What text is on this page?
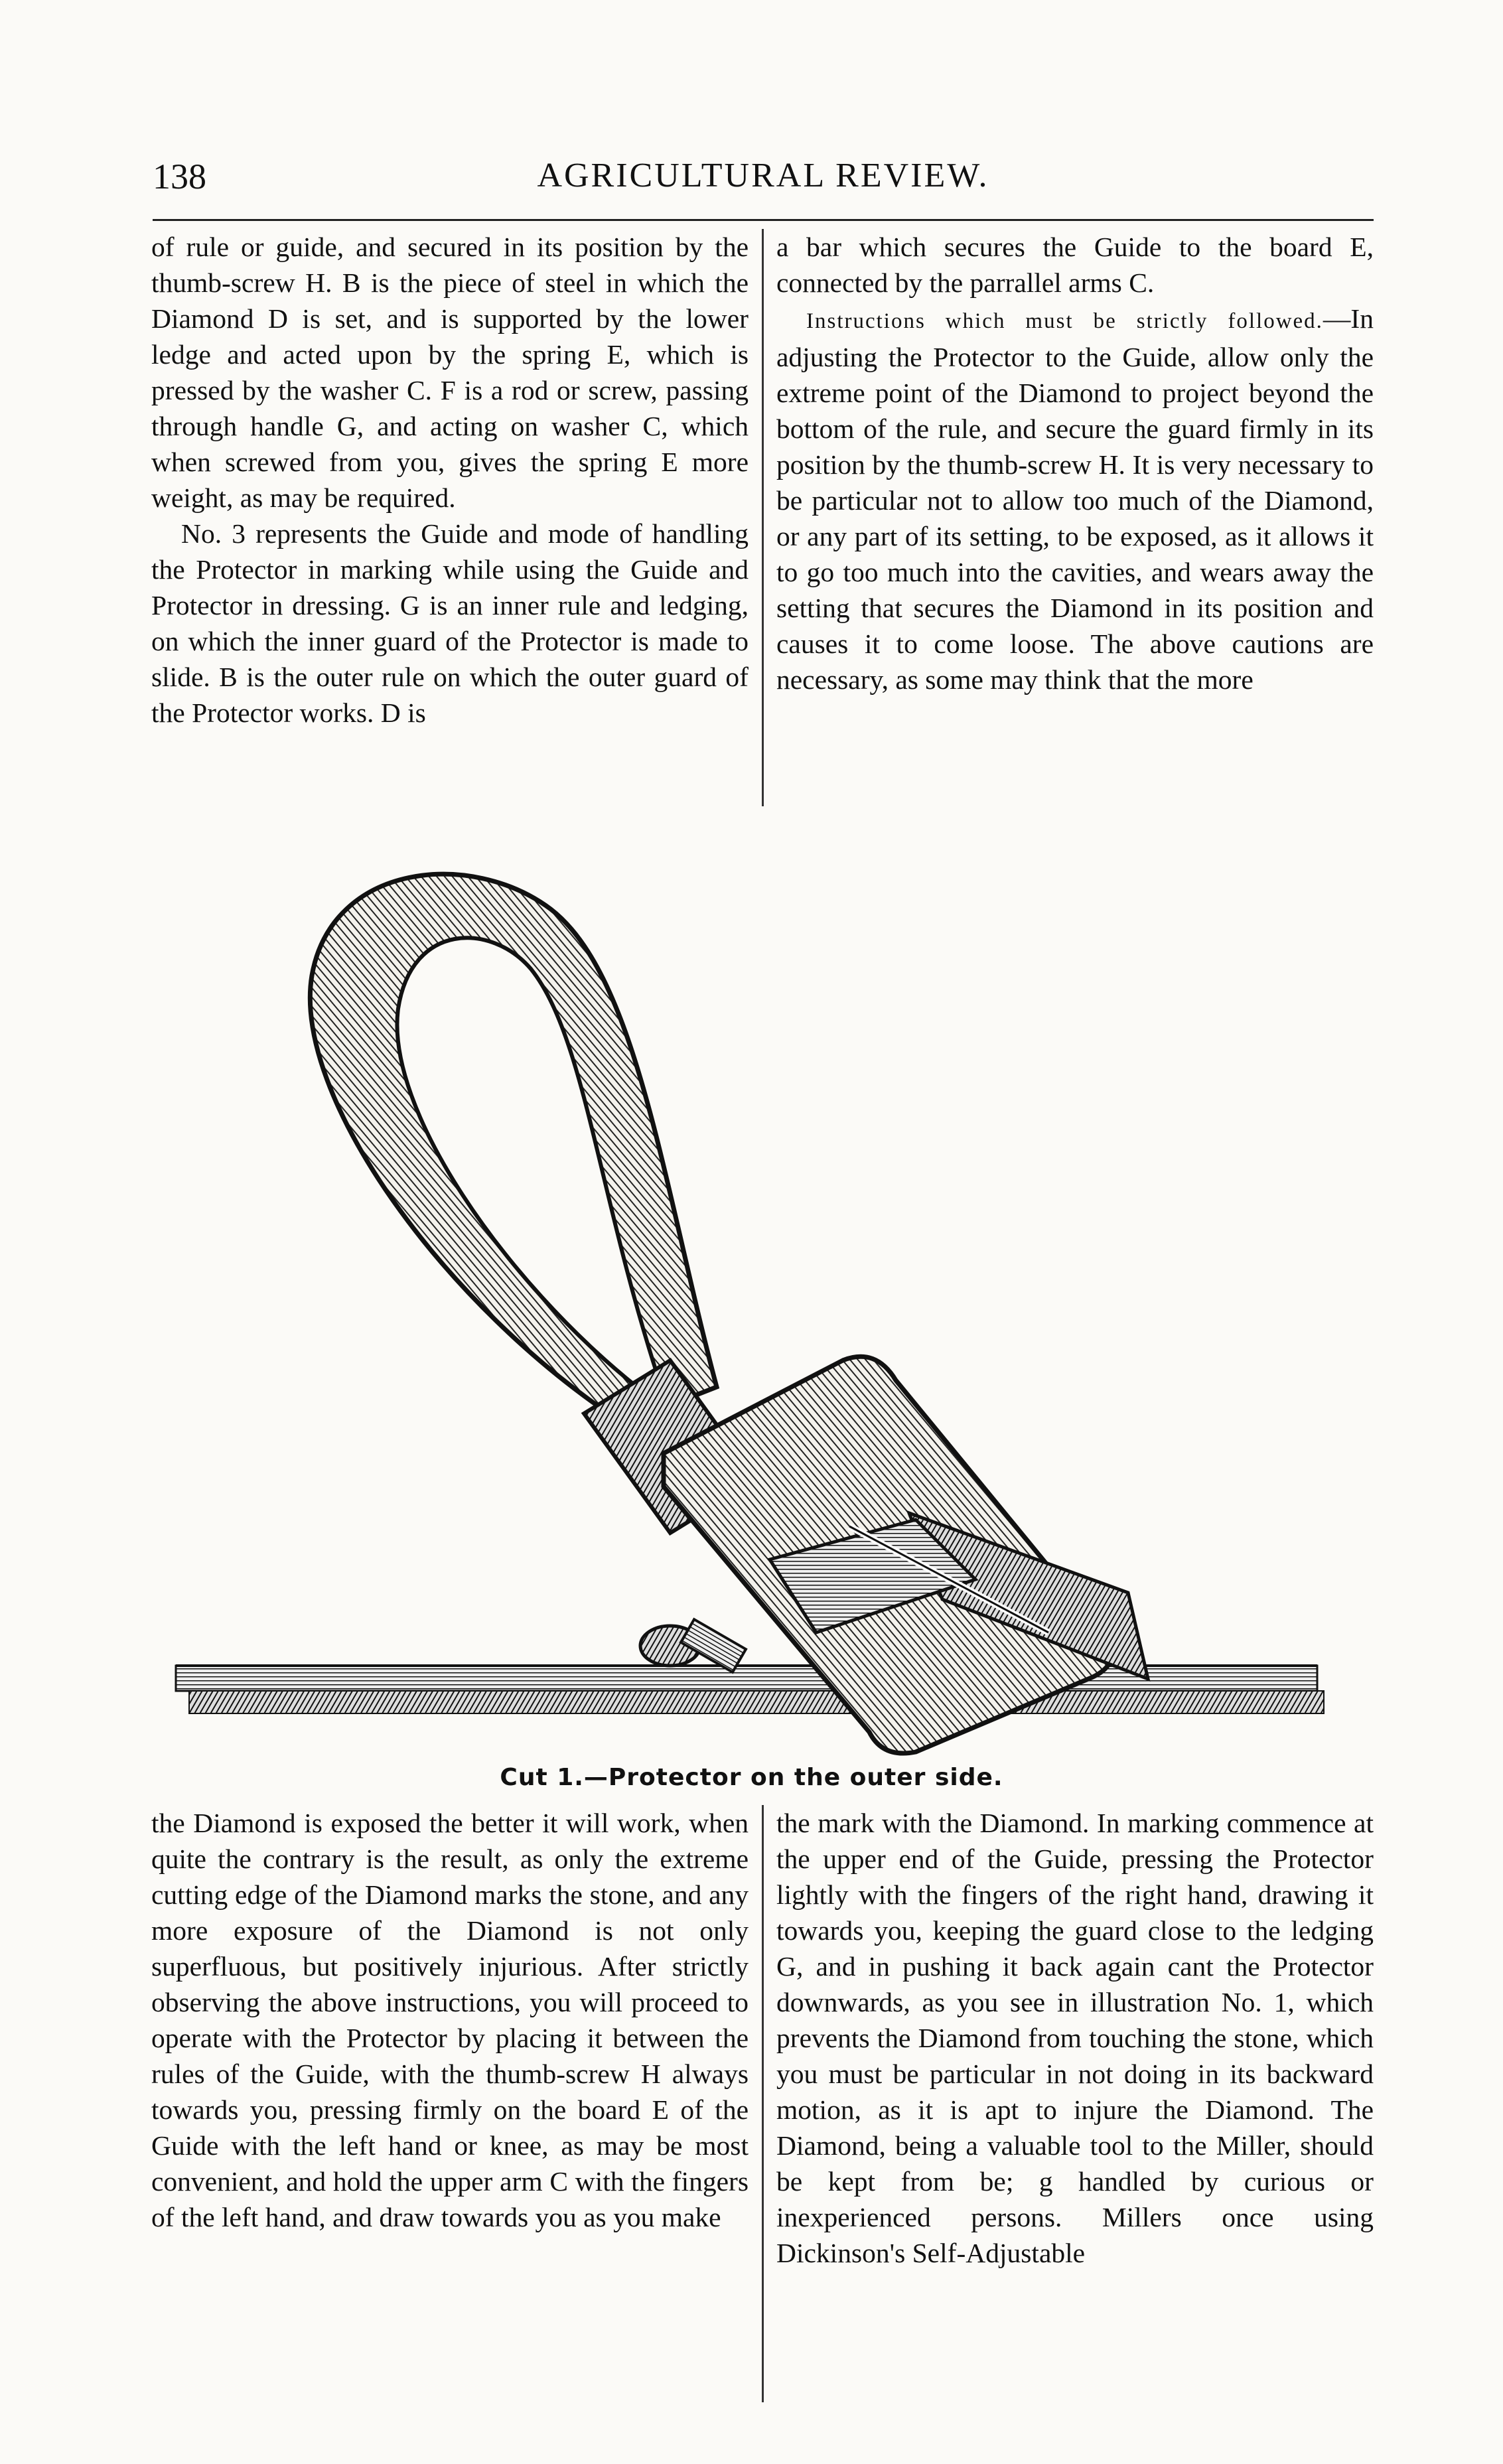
138	AGRICULTURAL REVIEW.

of rule or guide, and secured in its position by the thumb-screw H. B is the piece of steel in which the Diamond D is set, and is supported by the lower ledge and acted upon by the spring E, which is pressed by the washer C. F is a rod or screw, passing through handle G, and acting on washer C, which when screwed from you, gives the spring E more weight, as may be required.

No. 3 represents the Guide and mode of handling the Protector in marking while using the Guide and Protector in dressing. G is an inner rule and ledging, on which the inner guard of the Protector is made to slide. B is the outer rule on which the outer guard of the Protector works. D is

a bar which secures the Guide to the board E, connected by the parrallel arms C.

Instructions which must be strictly followed.—In adjusting the Protector to the Guide, allow only the extreme point of the Diamond to project beyond the bottom of the rule, and secure the guard firmly in its position by the thumb-screw H. It is very necessary to be particular not to allow too much of the Diamond, or any part of its setting, to be exposed, as it allows it to go too much into the cavities, and wears away the setting that secures the Diamond in its position and causes it to come loose. The above cautions are necessary, as some may think that the more

Cut 1.—Protector on the outer side.

the Diamond is exposed the better it will work, when quite the contrary is the result, as only the extreme cutting edge of the Diamond marks the stone, and any more exposure of the Diamond is not only superfluous, but positively injurious. After strictly observing the above instructions, you will proceed to operate with the Protector by placing it between the rules of the Guide, with the thumb-screw H always towards you, pressing firmly on the board E of the Guide with the left hand or knee, as may be most convenient, and hold the upper arm C with the fingers of the left hand, and draw towards you as you make

the mark with the Diamond. In marking commence at the upper end of the Guide, pressing the Protector lightly with the fingers of the right hand, drawing it towards you, keeping the guard close to the ledging G, and in pushing it back again cant the Protector downwards, as you see in illustration No. 1, which prevents the Diamond from touching the stone, which you must be particular in not doing in its backward motion, as it is apt to injure the Diamond. The Diamond, being a valuable tool to the Miller, should be kept from be; g handled by curious or inexperienced persons. Millers once using Dickinson's Self-Adjustable
